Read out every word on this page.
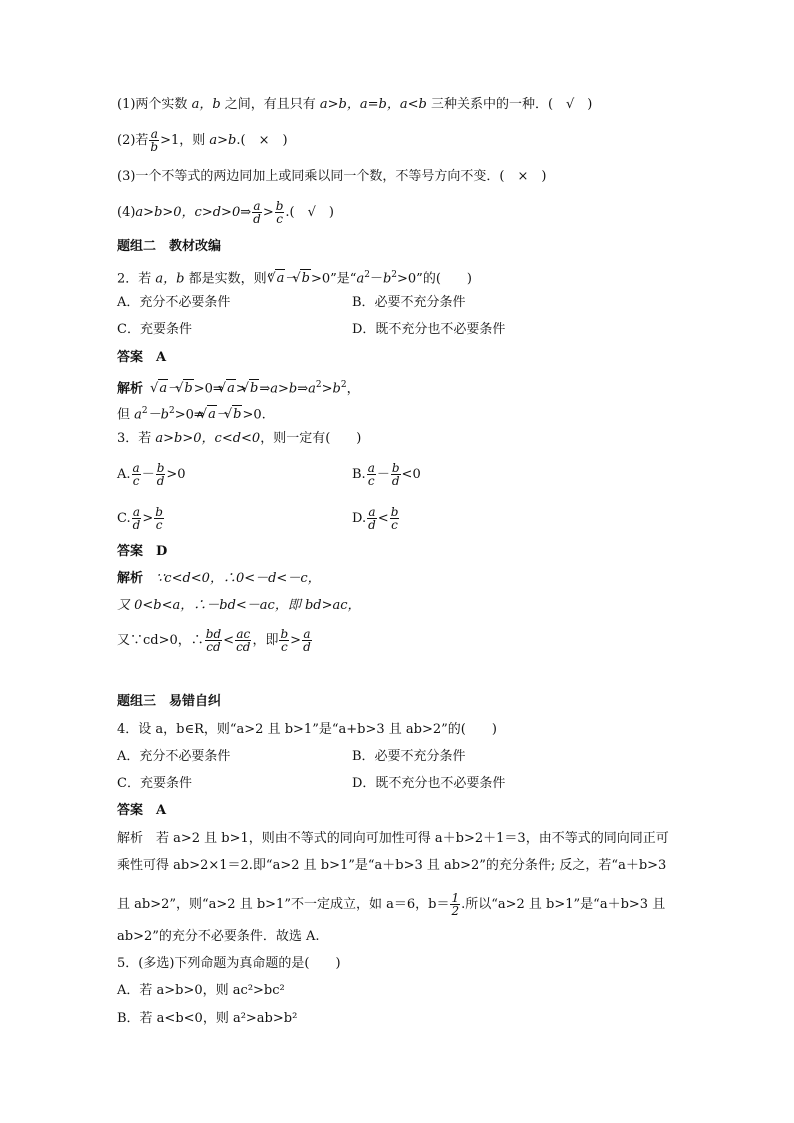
(1)两个实数 a，b 之间，有且只有 a>b，a=b，a<b 三种关系中的一种．(　√　)
(2)若 $\frac{a}{b} >1$，则 a>b.(　×　)
(3)一个不等式的两边同加上或同乘以同一个数，不等号方向不变．(　×　)
(4)a>b>0，c>d>0⇒ $\frac{a}{d} > \frac{b}{c}$ .(　√　)
题组二　教材改编
2．若 a，b 都是实数，则“√ a－√ b>0”是“$a^2-b^2>0$”的(　　)
A．充分不必要条件	B．必要不充分条件
C．充要条件	D．既不充分也不必要条件
答案　A
解析　√ a－√ b>0⇒√ a>√ $b\Rightarrow a>b\Rightarrow a^2>b^2$，
但 $a^2-b^2>0⇏√$ a－√ b>0.
3．若 a>b>0，c<d<0，则一定有(　　)
A. $\frac{a}{c} - \frac{b}{d} >0$	B. $\frac{a}{c} - \frac{b}{d} <0$
C. $\frac{a}{d} > \frac{b}{c}$	D. $\frac{a}{d} < \frac{b}{c}$
答案　D
解析　∵c<d<0，∴0<－d<－c，
又 0<b<a，∴－bd<－ac，即 bd>ac，
又∵cd>0，∴ $\frac{bd}{cd} < \frac{ac}{cd}$ ，即 $\frac{b}{c} > \frac{a}{d}$
题组三　易错自纠
4．设 a，b∈R，则“a>2 且 b>1”是“a+b>3 且 ab>2”的(　　)
A．充分不必要条件	B．必要不充分条件
C．充要条件	D．既不充分也不必要条件
答案　A
解析　若 a>2 且 b>1，则由不等式的同向可加性可得 a＋b>2＋1＝3，由不等式的同向同正可
乘性可得 ab>2×1＝2.即“a>2 且 b>1”是“a＋b>3 且 ab>2”的充分条件; 反之，若“a＋b>3
且 ab>2”，则“a>2 且 b>1”不一定成立，如 a＝6，$b= \frac{1}{2}$ .所以“a>2 且 b>1”是“a＋b>3 且
ab>2”的充分不必要条件．故选 A.
5．(多选)下列命题为真命题的是(　　)
A．若 a>b>0，则 ac²>bc²
B．若 a<b<0，则 a²>ab>b²
